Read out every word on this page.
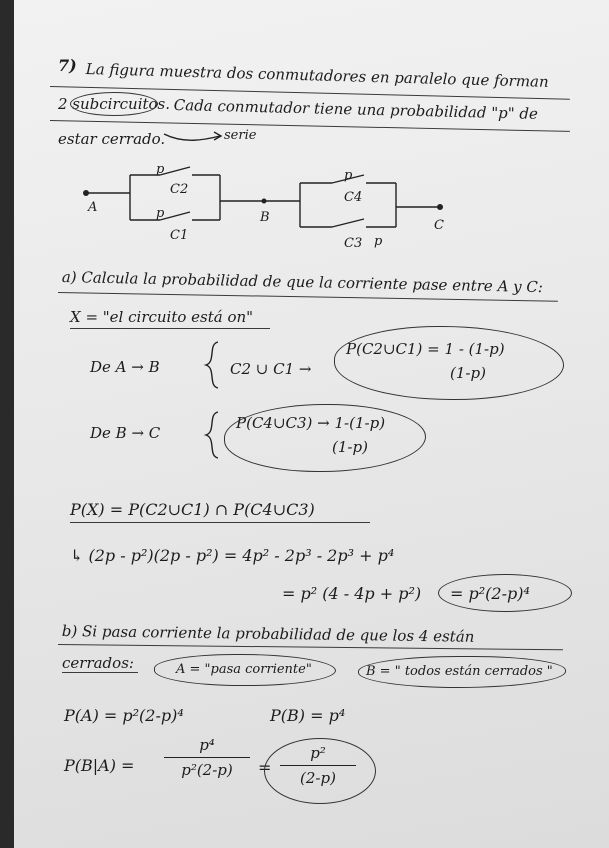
7) La figura muestra dos conmutadores en paralelo que forman
2 subcircuitos. Cada conmutador tiene una probabilidad "p" de
estar cerrado.	serie
A
B
C
p
C2
p
C1
p
C4
C3 p
a) Calcula la probabilidad de que la corriente pase entre A y C:
X = "el circuito está on"
De A → B	C2 ∪ C1 →
P(C2∪C1) = 1 - (1-p)
(1-p)
De B → C
P(C4∪C3) → 1-(1-p)
(1-p)
P(X) = P(C2∪C1) ∩ P(C4∪C3)
↳ (2p - p²)(2p - p²) = 4p² - 2p³ - 2p³ + p⁴
= p² (4 - 4p + p²) = p²(2-p)⁴
b) Si pasa corriente la probabilidad de que los 4 están
cerrados:	A = "pasa corriente"	B = " todos están cerrados "
P(A) = p²(2-p)⁴	P(B) = p⁴
P(B|A) =
p⁴
p²(2-p)	=
p²
(2-p)
